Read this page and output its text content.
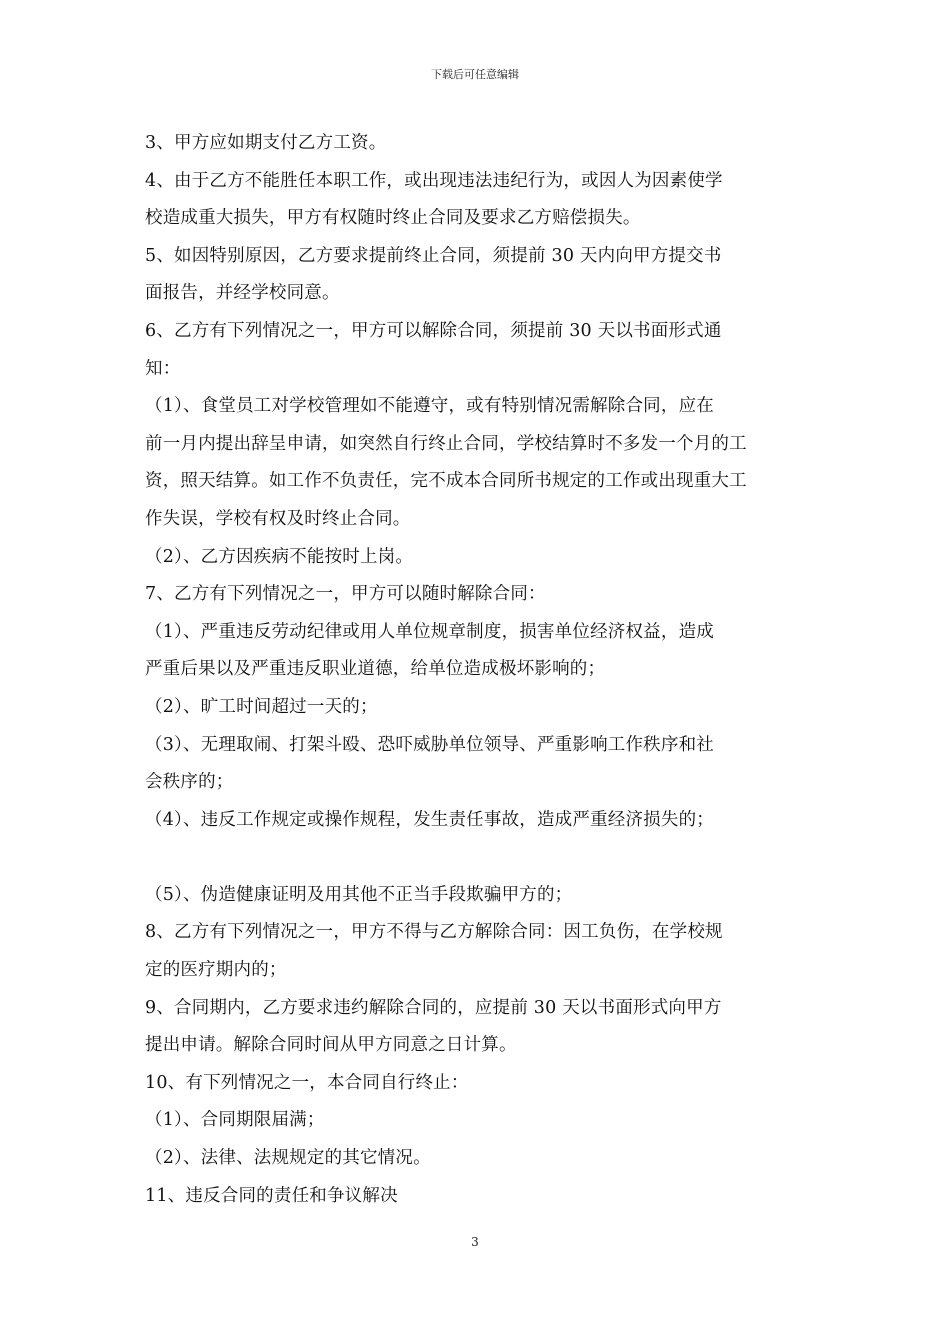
下载后可任意编辑

3、甲方应如期支付乙方工资。

4、由于乙方不能胜任本职工作，或出现违法违纪行为，或因人为因素使学

校造成重大损失，甲方有权随时终止合同及要求乙方赔偿损失。

5、如因特别原因，乙方要求提前终止合同，须提前 30 天内向甲方提交书

面报告，并经学校同意。

6、乙方有下列情况之一，甲方可以解除合同，须提前 30 天以书面形式通

知：

（1）、食堂员工对学校管理如不能遵守，或有特别情况需解除合同，应在

前一月内提出辞呈申请，如突然自行终止合同，学校结算时不多发一个月的工

资，照天结算。如工作不负责任，完不成本合同所书规定的工作或出现重大工

作失误，学校有权及时终止合同。

（2）、乙方因疾病不能按时上岗。

7、乙方有下列情况之一，甲方可以随时解除合同：

（1）、严重违反劳动纪律或用人单位规章制度，损害单位经济权益，造成

严重后果以及严重违反职业道德，给单位造成极坏影响的；

（2）、旷工时间超过一天的；

（3）、无理取闹、打架斗殴、恐吓威胁单位领导、严重影响工作秩序和社

会秩序的；

（4）、违反工作规定或操作规程，发生责任事故，造成严重经济损失的；

（5）、伪造健康证明及用其他不正当手段欺骗甲方的；

8、乙方有下列情况之一，甲方不得与乙方解除合同：因工负伤，在学校规

定的医疗期内的；

9、合同期内，乙方要求违约解除合同的，应提前 30 天以书面形式向甲方

提出申请。解除合同时间从甲方同意之日计算。

10、有下列情况之一，本合同自行终止：

（1）、合同期限届满；

（2）、法律、法规规定的其它情况。

11、违反合同的责任和争议解决

3
